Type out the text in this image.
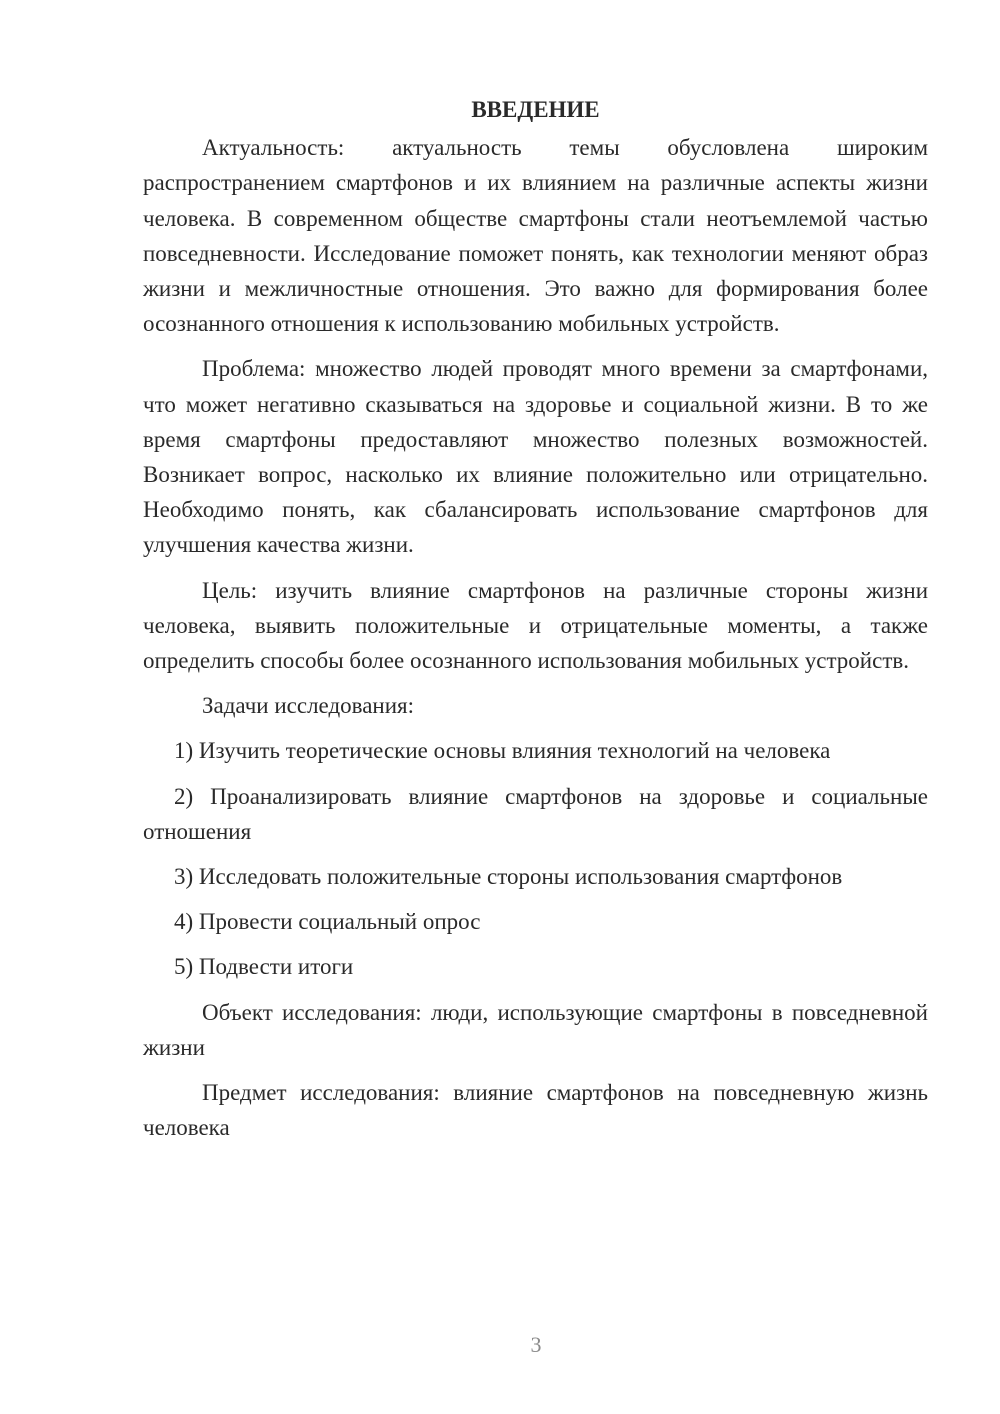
ВВЕДЕНИЕ

Актуальность: актуальность темы обусловлена широким распространением смартфонов и их влиянием на различные аспекты жизни человека. В современном обществе смартфоны стали неотъемлемой частью повседневности. Исследование поможет понять, как технологии меняют образ жизни и межличностные отношения. Это важно для формирования более осознанного отношения к использованию мобильных устройств.

Проблема: множество людей проводят много времени за смартфонами, что может негативно сказываться на здоровье и социальной жизни. В то же время смартфоны предоставляют множество полезных возможностей. Возникает вопрос, насколько их влияние положительно или отрицательно. Необходимо понять, как сбалансировать использование смартфонов для улучшения качества жизни.

Цель: изучить влияние смартфонов на различные стороны жизни человека, выявить положительные и отрицательные моменты, а также определить способы более осознанного использования мобильных устройств.

Задачи исследования:

1) Изучить теоретические основы влияния технологий на человека
2) Проанализировать влияние смартфонов на здоровье и социальные отношения
3) Исследовать положительные стороны использования смартфонов
4) Провести социальный опрос
5) Подвести итоги

Объект исследования: люди, использующие смартфоны в повседневной жизни

Предмет исследования: влияние смартфонов на повседневную жизнь человека

3
